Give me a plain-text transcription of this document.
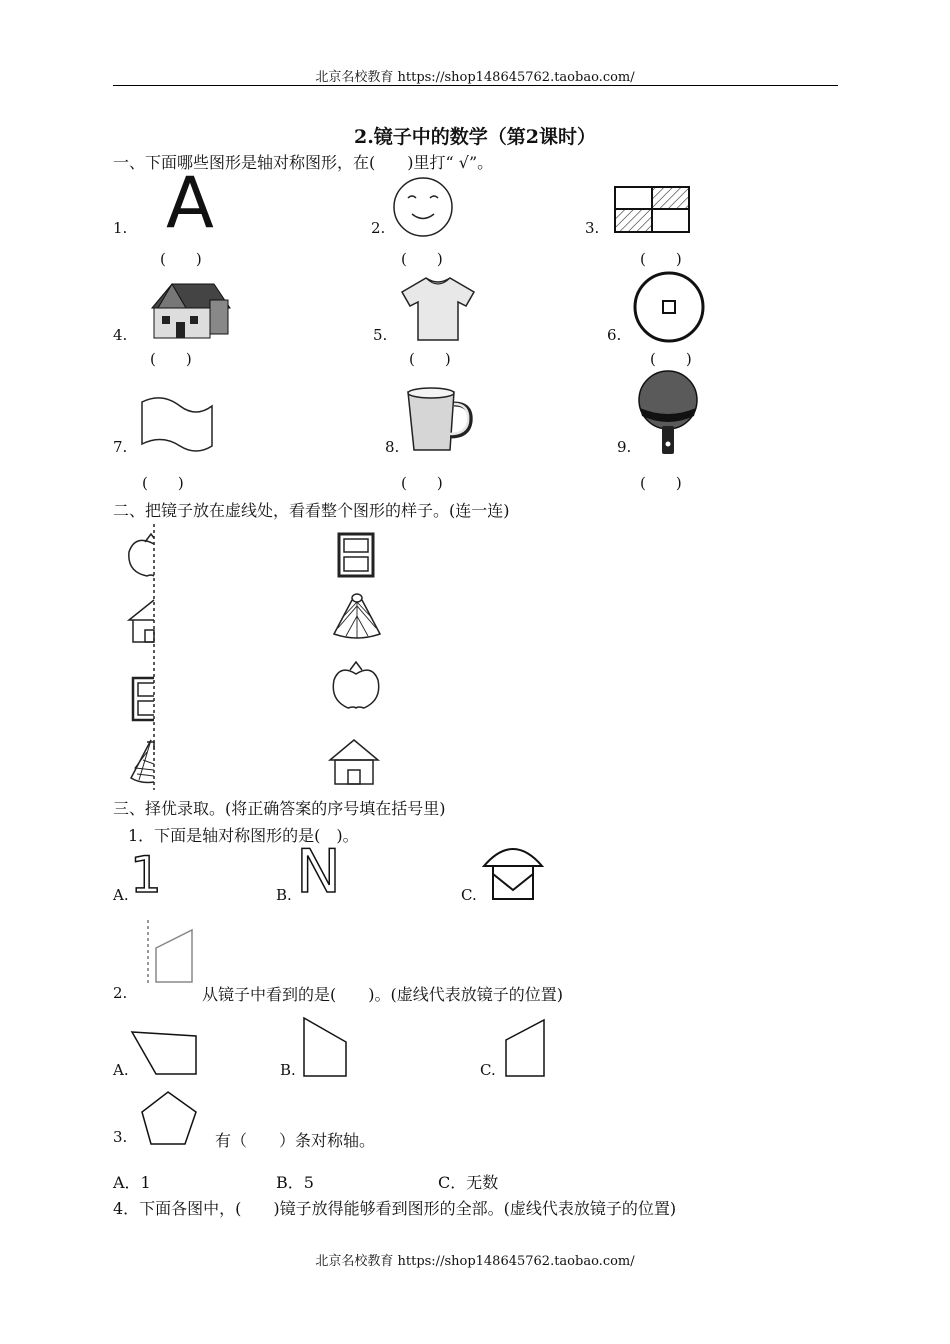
北京名校教育 https://shop148645762.taobao.com/
2.镜子中的数学（第2课时）
一、下面哪些图形是轴对称图形，在(　　)里打“ √”。
1. A
(　　)
2.
(　　)
3.
(　　)
4.
(　　)
5.
(　　)
6.
(　　)
7.
(　　)
8.
(　　)
9.
(　　)
二、把镜子放在虚线处，看看整个图形的样子。(连一连)
三、择优录取。(将正确答案的序号填在括号里)
1．下面是轴对称图形的是(　)。
A. 1	B. N	C.
2.	从镜子中看到的是(　　)。(虚线代表放镜子的位置)
A.	B.	C.
3.	有（　　）条对称轴。
A．1	B．5	C．无数
4．下面各图中，(　　)镜子放得能够看到图形的全部。(虚线代表放镜子的位置)
北京名校教育 https://shop148645762.taobao.com/
